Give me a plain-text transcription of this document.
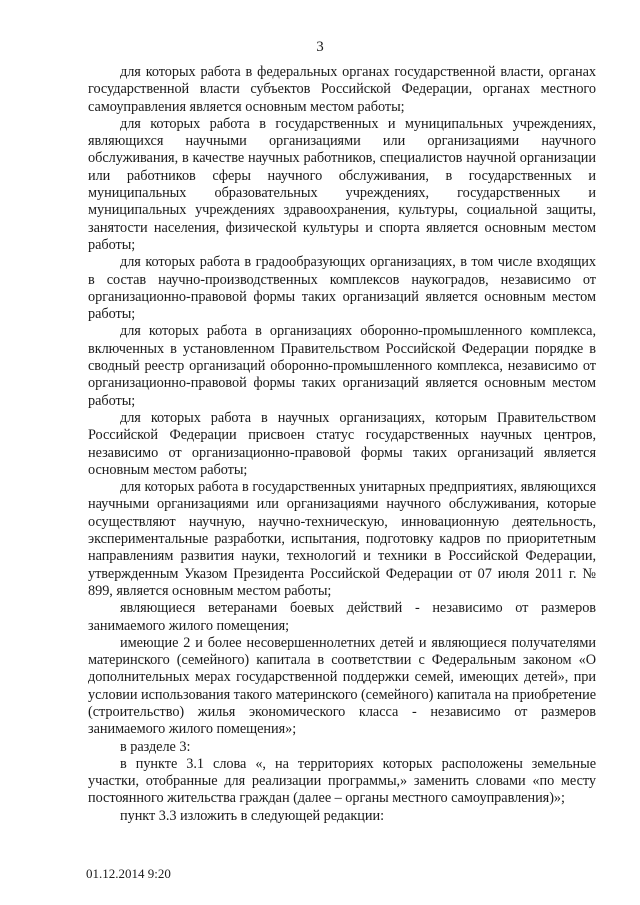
3

для которых работа в федеральных органах государственной власти, органах государственной власти субъектов Российской Федерации, органах местного самоуправления является основным местом работы;

для которых работа в государственных и муниципальных учреждениях, являющихся научными организациями или организациями научного обслуживания, в качестве научных работников, специалистов научной организации или работников сферы научного обслуживания, в государственных и муниципальных образовательных учреждениях, государственных и муниципальных учреждениях здравоохранения, культуры, социальной защиты, занятости населения, физической культуры и спорта является основным местом работы;

для которых работа в градообразующих организациях, в том числе входящих в состав научно-производственных комплексов наукоградов, независимо от организационно-правовой формы таких организаций является основным местом работы;

для которых работа в организациях оборонно-промышленного комплекса, включенных в установленном Правительством Российской Федерации порядке в сводный реестр организаций оборонно-промышленного комплекса, независимо от организационно-правовой формы таких организаций является основным местом работы;

для которых работа в научных организациях, которым Правительством Российской Федерации присвоен статус государственных научных центров, независимо от организационно-правовой формы таких организаций является основным местом работы;

для которых работа в государственных унитарных предприятиях, являющихся научными организациями или организациями научного обслуживания, которые осуществляют научную, научно-техническую, инновационную деятельность, экспериментальные разработки, испытания, подготовку кадров по приоритетным направлениям развития науки, технологий и техники в Российской Федерации, утвержденным Указом Президента Российской Федерации от 07 июля 2011 г. № 899, является основным местом работы;

являющиеся ветеранами боевых действий - независимо от размеров занимаемого жилого помещения;

имеющие 2 и более несовершеннолетних детей и являющиеся получателями материнского (семейного) капитала в соответствии с Федеральным законом «О дополнительных мерах государственной поддержки семей, имеющих детей», при условии использования такого материнского (семейного) капитала на приобретение (строительство) жилья экономического класса - независимо от размеров занимаемого жилого помещения»;

в разделе 3:

в пункте 3.1 слова «, на территориях которых расположены земельные участки, отобранные для реализации программы,» заменить словами «по месту постоянного жительства граждан (далее – органы местного самоуправления)»;

пункт 3.3 изложить в следующей редакции:

01.12.2014 9:20
